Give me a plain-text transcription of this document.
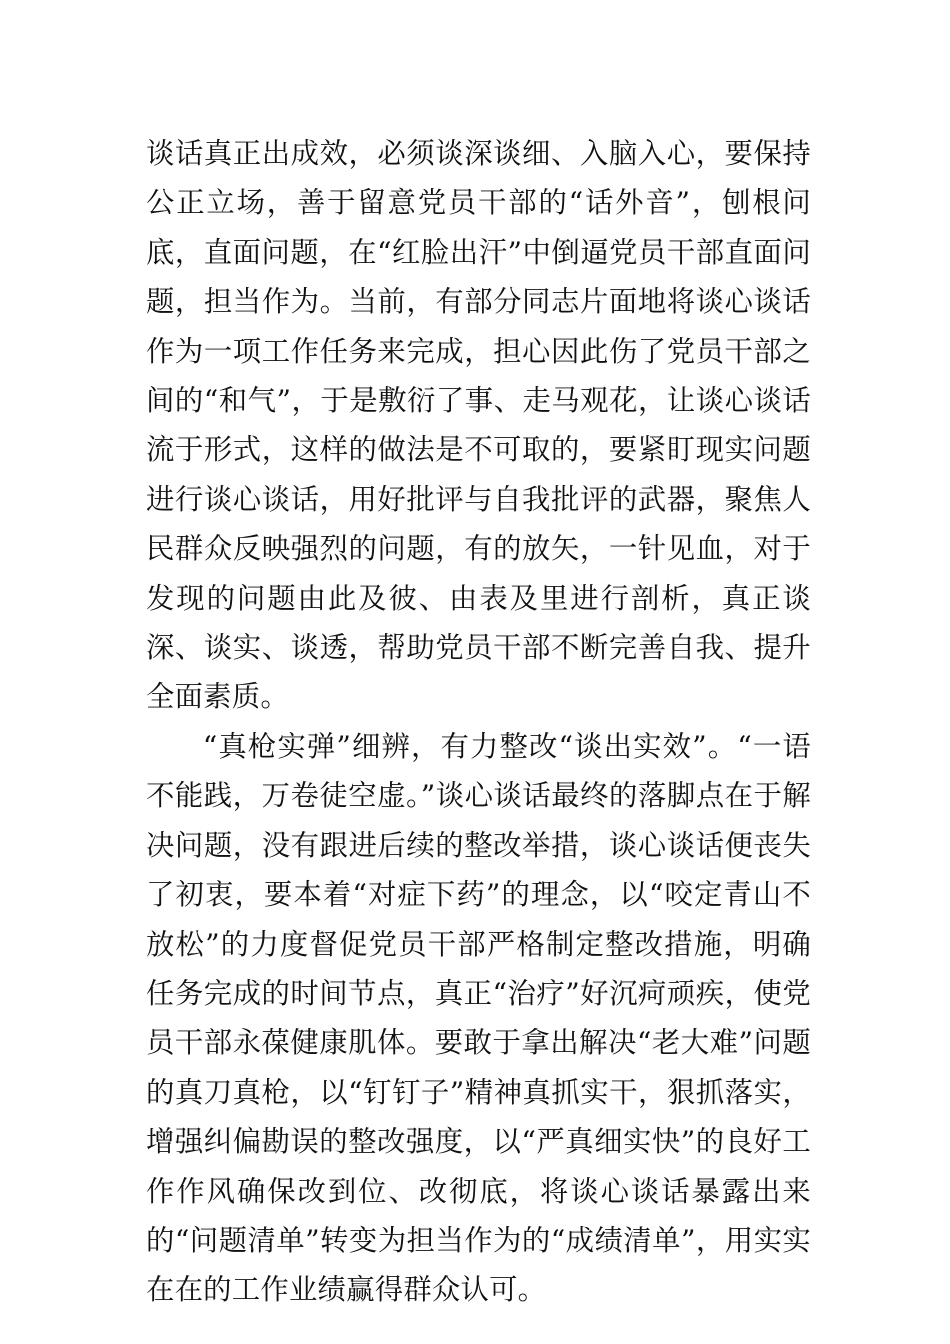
谈话真正出成效，必须谈深谈细、入脑入心，要保持公正立场，善于留意党员干部的“话外音”，刨根问底，直面问题，在“红脸出汗”中倒逼党员干部直面问题，担当作为。当前，有部分同志片面地将谈心谈话作为一项工作任务来完成，担心因此伤了党员干部之间的“和气”，于是敷衍了事、走马观花，让谈心谈话流于形式，这样的做法是不可取的，要紧盯现实问题进行谈心谈话，用好批评与自我批评的武器，聚焦人民群众反映强烈的问题，有的放矢，一针见血，对于发现的问题由此及彼、由表及里进行剖析，真正谈深、谈实、谈透，帮助党员干部不断完善自我、提升全面素质。

“真枪实弹”细辨，有力整改“谈出实效”。“一语不能践，万卷徒空虚。”谈心谈话最终的落脚点在于解决问题，没有跟进后续的整改举措，谈心谈话便丧失了初衷，要本着“对症下药”的理念，以“咬定青山不放松”的力度督促党员干部严格制定整改措施，明确任务完成的时间节点，真正“治疗”好沉疴顽疾，使党员干部永葆健康肌体。要敢于拿出解决“老大难”问题的真刀真枪，以“钉钉子”精神真抓实干，狠抓落实，增强纠偏勘误的整改强度，以“严真细实快”的良好工作作风确保改到位、改彻底，将谈心谈话暴露出来的“问题清单”转变为担当作为的“成绩清单”，用实实在在的工作业绩赢得群众认可。
